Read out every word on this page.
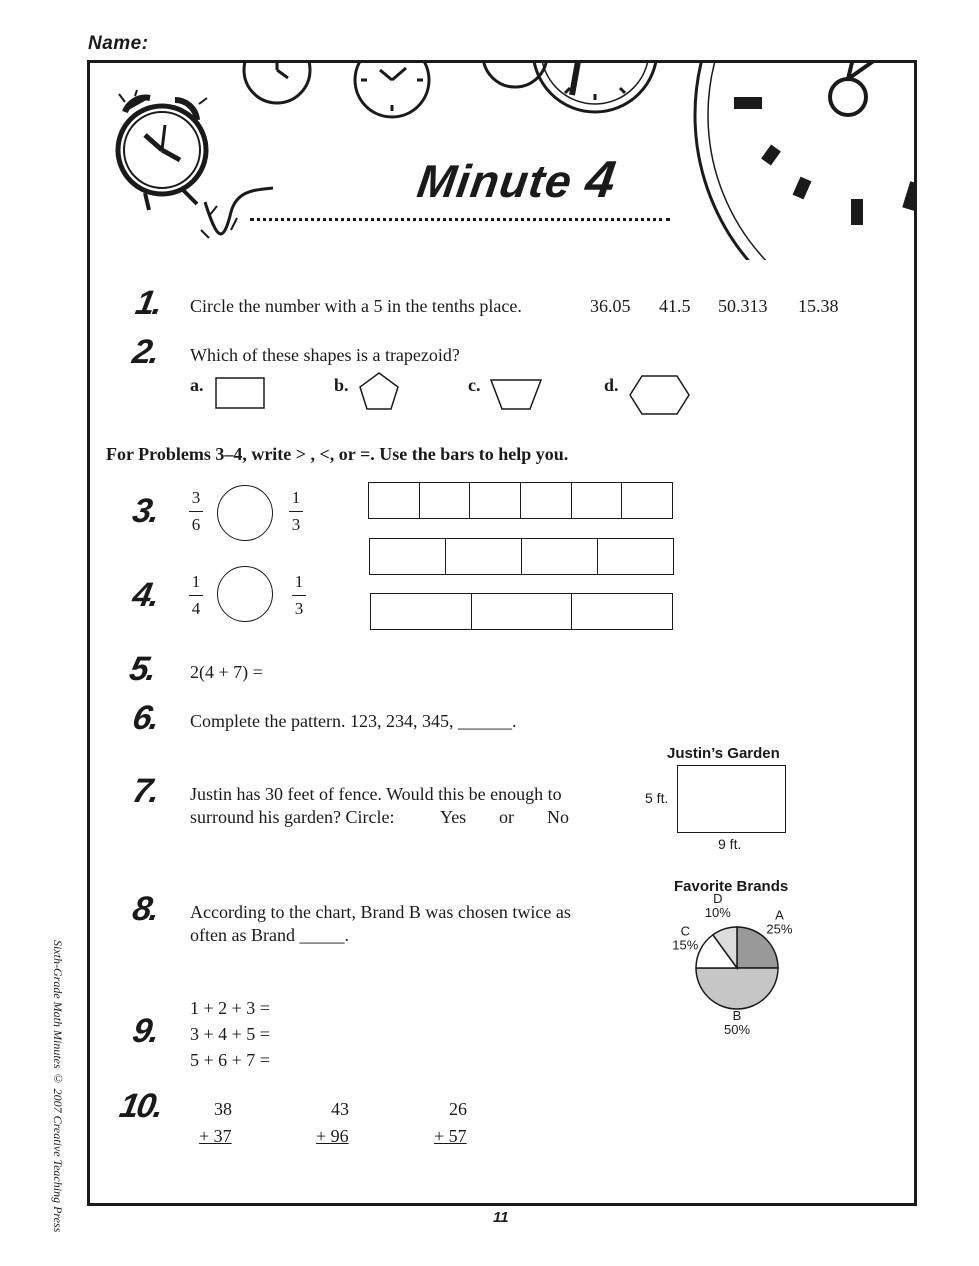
Name:
Minute 4
1. Circle the number with a 5 in the tenths place.	36.05 41.5 50.313 15.38
2. Which of these shapes is a trapezoid?
a.	b.	c.	d.
For Problems 3–4, write > , <, or =. Use the bars to help you.
3. 3
6
1
3
4. 1
4
1
3
5. 2(4 + 7) =
6. Complete the pattern. 123, 234, 345, ______.
7. Justin has 30 feet of fence. Would this be enough to
surround his garden? Circle:	Yes or No
Justin’s Garden
5 ft.
9 ft.
8. According to the chart, Brand B was chosen twice as
often as Brand _____.
Favorite Brands
A
25%
B
50%
C
15%
D
10%
9.
1 + 2 + 3 =
3 + 4 + 5 =
5 + 6 + 7 =
10.	38
+ 37
43
+ 96
26
+ 57
Sixth-Grade Math Minutes © 2007 Creative Teaching Press	11
